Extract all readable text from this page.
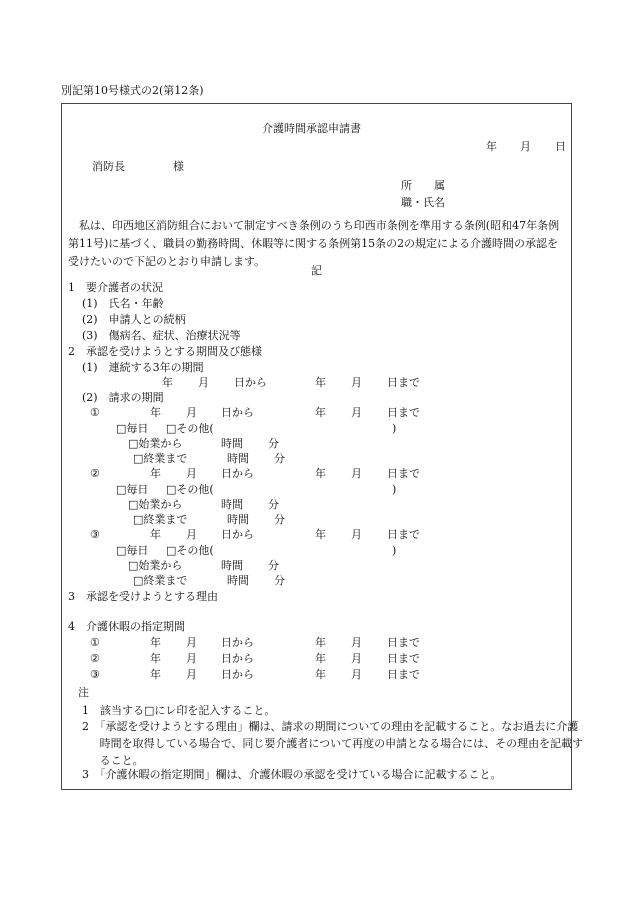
別記第10号様式の2(第12条)
介護時間承認申請書
年 月 日
消防長	様
所　　属
職・氏名
私は、印西地区消防組合において制定すべき条例のうち印西市条例を準用する条例(昭和47年条例第11号)に基づく、職員の勤務時間、休暇等に関する条例第15条の2の規定による介護時間の承認を受けたいので下記のとおり申請します。
記
1　要介護者の状況
(1)　氏名・年齢
(2)　申請人との続柄
(3)　傷病名、症状、治療状況等
2　承認を受けようとする期間及び態様
(1)　連続する3年の期間
年 月 日から	年 月 日まで
(2)　請求の期間
①	年 月 日から	年 月 日まで
□毎日 □その他(	)
□始業から	時間 分
□終業まで	時間 分
②	年 月 日から	年 月 日まで
□毎日 □その他(	)
□始業から	時間 分
□終業まで	時間 分
③	年 月 日から	年 月 日まで
□毎日 □その他(	)
□始業から	時間 分
□終業まで	時間 分
3　承認を受けようとする理由
4　介護休暇の指定期間
①	年 月 日から	年 月 日まで
②	年 月 日から	年 月 日まで
③	年 月 日から	年 月 日まで
注
1　該当する□にレ印を記入すること。
2　「承認を受けようとする理由」欄は、請求の期間についての理由を記載すること。なお過去に介護時間を取得している場合で、同じ要介護者について再度の申請となる場合には、その理由を記載すること。
3　「介護休暇の指定期間」欄は、介護休暇の承認を受けている場合に記載すること。
